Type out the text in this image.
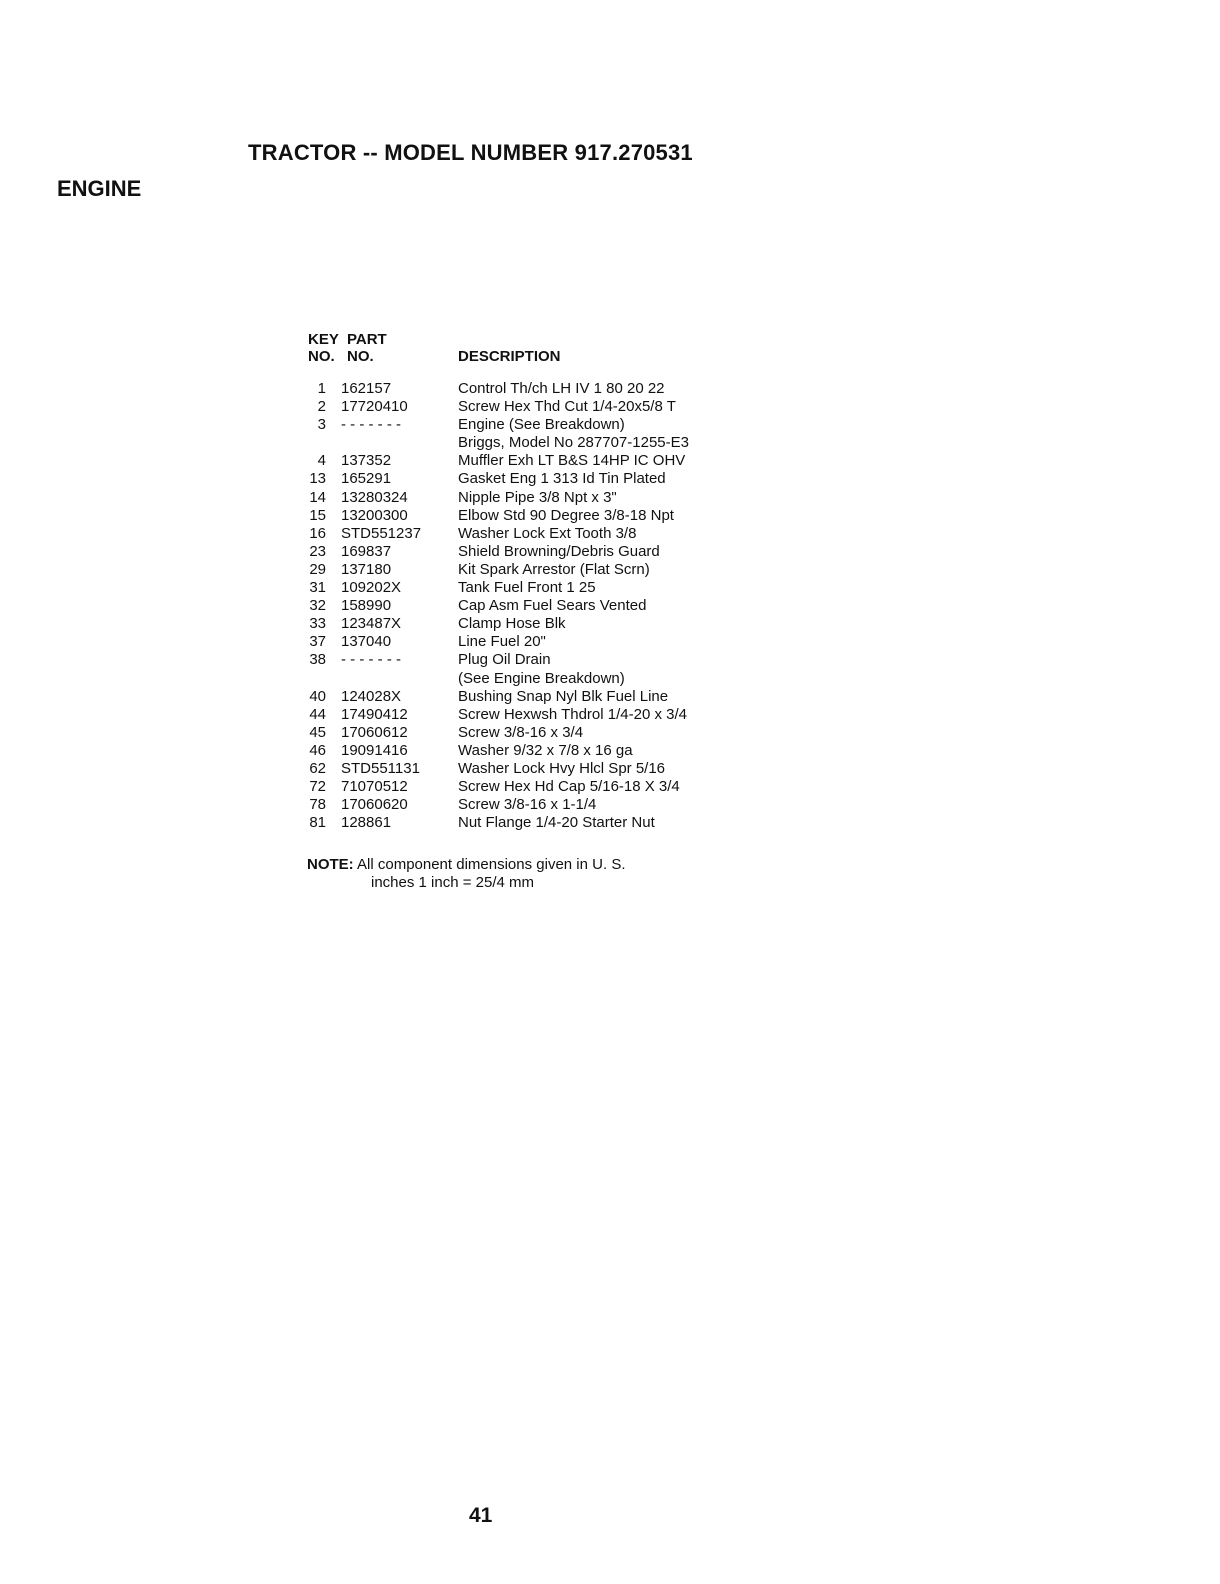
TRACTOR -- MODEL NUMBER 917.270531
ENGINE
KEY PART
NO. NO.	DESCRIPTION
1 162157	Control Th/ch LH IV 1 80 20 22
2 17720410	Screw Hex Thd Cut 1/4-20x5/8 T
3 - - - - - - -	Engine (See Breakdown)
Briggs, Model No 287707-1255-E3
4 137352	Muffler Exh LT B&S 14HP IC OHV
13 165291	Gasket Eng 1 313 Id Tin Plated
14 13280324	Nipple Pipe 3/8 Npt x 3"
15 13200300	Elbow Std 90 Degree 3/8-18 Npt
16 STD551237 Washer Lock Ext Tooth 3/8
23 169837	Shield Browning/Debris Guard
29 137180	Kit Spark Arrestor (Flat Scrn)
31 109202X	Tank Fuel Front 1 25
32 158990	Cap Asm Fuel Sears Vented
33 123487X	Clamp Hose Blk
37 137040	Line Fuel 20"
38 - - - - - - -	Plug Oil Drain
(See Engine Breakdown)
40 124028X	Bushing Snap Nyl Blk Fuel Line
44 17490412	Screw Hexwsh Thdrol 1/4-20 x 3/4
45 17060612	Screw 3/8-16 x 3/4
46 19091416	Washer 9/32 x 7/8 x 16 ga
62 STD551131	Washer Lock Hvy Hlcl Spr 5/16
72 71070512	Screw Hex Hd Cap 5/16-18 X 3/4
78 17060620	Screw 3/8-16 x 1-1/4
81 128861	Nut Flange 1/4-20 Starter Nut
NOTE: All component dimensions given in U. S.
inches 1 inch = 25/4 mm
41
